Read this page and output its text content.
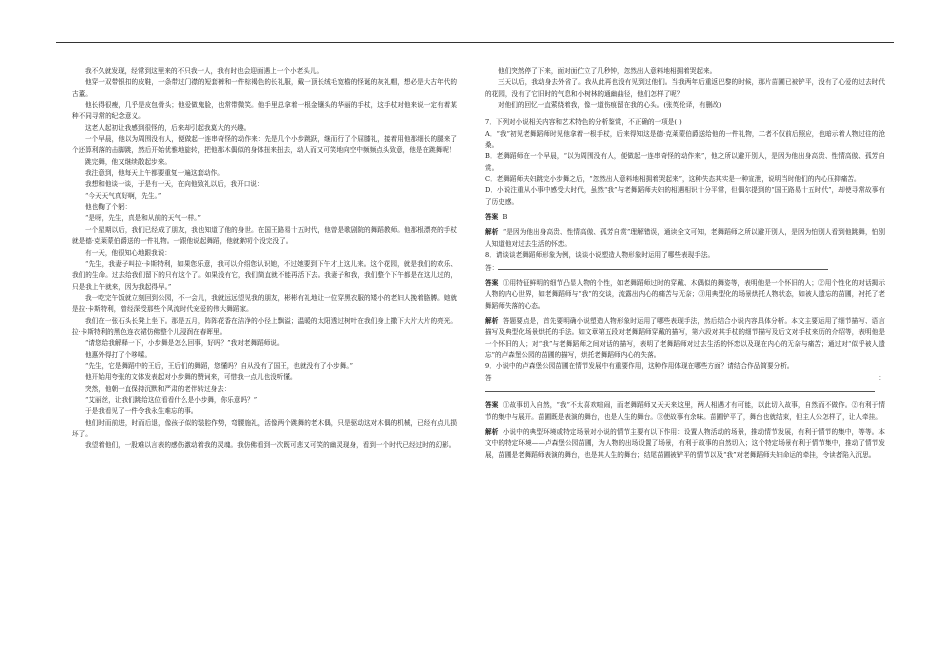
我不久就发现，经常到这里来的不只我一人，我有时也会迎面遇上一个小老头儿。

他穿一双带银扣的皮鞋，一条带过门襟的短套裤和一件棕褐色的长礼服，戴一顶长绒毛宽檐的怪诞的灰礼帽，想必是大古年代的古董。

他长得很瘦，几乎是皮包骨头；他爱做鬼脸，也常带微笑。他手里总拿着一根金镶头的华丽的手杖，这手杖对他来说一定有着某种不同寻常的纪念意义。

这老人起初让我感到很怪的，后来却引起我莫大的兴趣。

一个早晨，他以为周围没有人，便做起一连串奇怪的动作来：先是几个小步跳跃，继而行了个屈膝礼，接着用他那细长的腿来了个还算利落的击脚跳，然后开始优雅地旋转，把他那木偶似的身体扭来扭去，动人而又可笑地向空中频频点头致意，他是在跳舞呢！

跳完舞，他又继续散起步来。

我注意到，他每天上午都要重复一遍这套动作。

我想和他谈一谈，于是有一天，在向他致礼以后，我开口说：

“今天天气真好啊，先生。”

他也鞠了个躬：

“是呀，先生，真是和从前的天气一样。”

一个星期以后，我们已经成了朋友，我也知道了他的身世。在国王路易十五时代，他曾是歌剧院的舞蹈教师。他那根漂亮的手杖就是德·克莱蒙伯爵送的一件礼物。一跟他说起舞蹈，他就絮叨个没完没了。

有一天，他很知心地跟我说：

“先生，我妻子叫拉·卡斯特利，如果您乐意，我可以介绍您认识她，不过她要到下午才上这儿来。这个花园，就是我们的欢乐、我们的生命。过去给我们留下的只有这个了。如果没有它，我们简直就不能再活下去。我妻子和我，我们整个下午都是在这儿过的，只是我上午就来，因为我起得早。”

我一吃完午饭就立刻回到公园，不一会儿，我就远远望见我的朋友，彬彬有礼地让一位穿黑衣服的矮小的老妇人挽着胳膊。她就是拉·卡斯特利，曾经深受那些个风流时代宠爱的伟大舞蹈家。

我们在一张石头长凳上坐下。那是五月，阵阵花香在洁净的小径上飘溢；温暖的太阳透过树叶在我们身上撒下大片大片的亮光。拉·卡斯特利的黑色连衣裙仿佛整个儿浸润在春晖里。

“请您给我解释一下，小步舞是怎么回事，好吗？”我对老舞蹈师说。

他惠外得打了个哆嗦。

“先生，它是舞蹈中的王后，王后们的舞蹈，您懂吗？自从没有了国王，也就没有了小步舞。”

他开始用夸张的文体发表起对小步舞的赞词来，可惜我一点儿也没听懂。

突然，他朝一直保持沉默和严肃的老伴转过身去：

“艾丽丝，让我们跳给这位看看什么是小步舞，你乐意吗？”

于是我看见了一件令我永生难忘的事。

他们时而前进，时而后退，像孩子似的装腔作势，弯腰施礼，活像两个跳舞的老木偶，只是驱动这对木偶的机械，已经有点儿损坏了。

我望着他们，一股难以言表的感伤激动着我的灵魂。我仿佛看到一次既可悲又可笑的幽灵现身，看到一个时代已经过时的幻影。

他们突然停了下来，面对面伫立了几秒钟，忽然出人意料地相拥着哭起来。

三天以后，我动身去外省了。我从此再也没有见到过他们。当我两年后重返巴黎的时候，那片苗圃已被铲平，没有了心爱的过去时代的花园，没有了它旧时的气息和小树林的通幽曲径，他们怎样了呢？

对他们的回忆一直萦绕着我，像一道伤痕留在我的心头。(张英伦译，有删改)

7．下列对小说相关内容和艺术特色的分析鉴赏，不正确的一项是( )

A．“我”初见老舞蹈师时见他拿着一根手杖，后来得知这是德·克莱蒙伯爵送给他的一件礼物，二者不仅前后照应，也暗示着人物过往的沧桑。

B．老舞蹈师在一个早晨，“以为周围没有人，便做起一连串奇怪的动作来”，他之所以避开别人，是因为他出身高贵、性情高傲、孤芳自赏。

C．老舞蹈师夫妇跳完小步舞之后，“忽然出人意料地相拥着哭起来”，这种失态其实是一种宣泄，说明当时他们的内心压抑痛苦。

D．小说注重从小事中感受大时代，虽然“我”与老舞蹈师夫妇的相遇相识十分平常，但偶尔提到的“国王路易十五时代”，却使寻常故事有了历史感。

答案 B

解析 “是因为他出身高贵、性情高傲、孤芳自赏”理解错误，通读全文可知，老舞蹈师之所以避开别人，是因为怕别人看到他跳舞，怕别人知道他对过去生活的怀恋。

8．请谈谈老舞蹈师形象为例，谈谈小说塑造人物形象时运用了哪些表现手法。

答：

答案 ①用特征鲜明的细节凸显人物的个性，如老舞蹈师过时的穿戴、木偶似的舞姿等，表明他是一个怀旧的人；②用个性化的对话揭示人物的内心世界，如老舞蹈师与“我”的交谈，流露出内心的痛苦与无奈；③用典型化的场景烘托人物状态，如被人遗忘的苗圃，衬托了老舞蹈师失落的心态。

解析 答题要点是，首先要明确小说塑造人物形象时运用了哪些表现手法，然后结合小说内容具体分析。本文主要运用了细节描写、语言描写及典型化场景烘托的手法。如文章第五段对老舞蹈师穿戴的描写，第六段对其手杖的细节描写及后文对手杖来历的介绍等，表明他是一个怀旧的人；对“我”与老舞蹈师之间对话的描写，表明了老舞蹈师对过去生活的怀恋以及现在内心的无奈与痛苦；通过对“似乎被人遗忘”的卢森堡公园的苗圃的描写，烘托老舞蹈师内心的失落。

9．小说中的卢森堡公园苗圃在情节发展中有重要作用，这种作用体现在哪些方面？请结合作品简要分析。

答：

答案 ①故事切入自然，“我”不太喜欢喧闹，而老舞蹈师又天天来这里，两人相遇才有可能，以此切入故事，自然而不做作。②有利于情节的集中与展开。苗圃既是表演的舞台，也是人生的舞台。③使故事有余味。苗圃铲平了，舞台也就结束，但主人公怎样了，让人牵挂。

解析 小说中的典型环境或特定场景对小说的情节主要有以下作用：设置人物活动的场景，推动情节发展，有利于情节的集中，等等。本文中的特定环境——卢森堡公园苗圃，为人物的出场设置了场景，有利于故事的自然切入；这个特定场景有利于情节集中，推动了情节发展，苗圃是老舞蹈师表演的舞台，也是其人生的舞台；结尾苗圃被铲平的情节以及“我”对老舞蹈师夫妇命运的牵挂，令读者陷入沉思。
